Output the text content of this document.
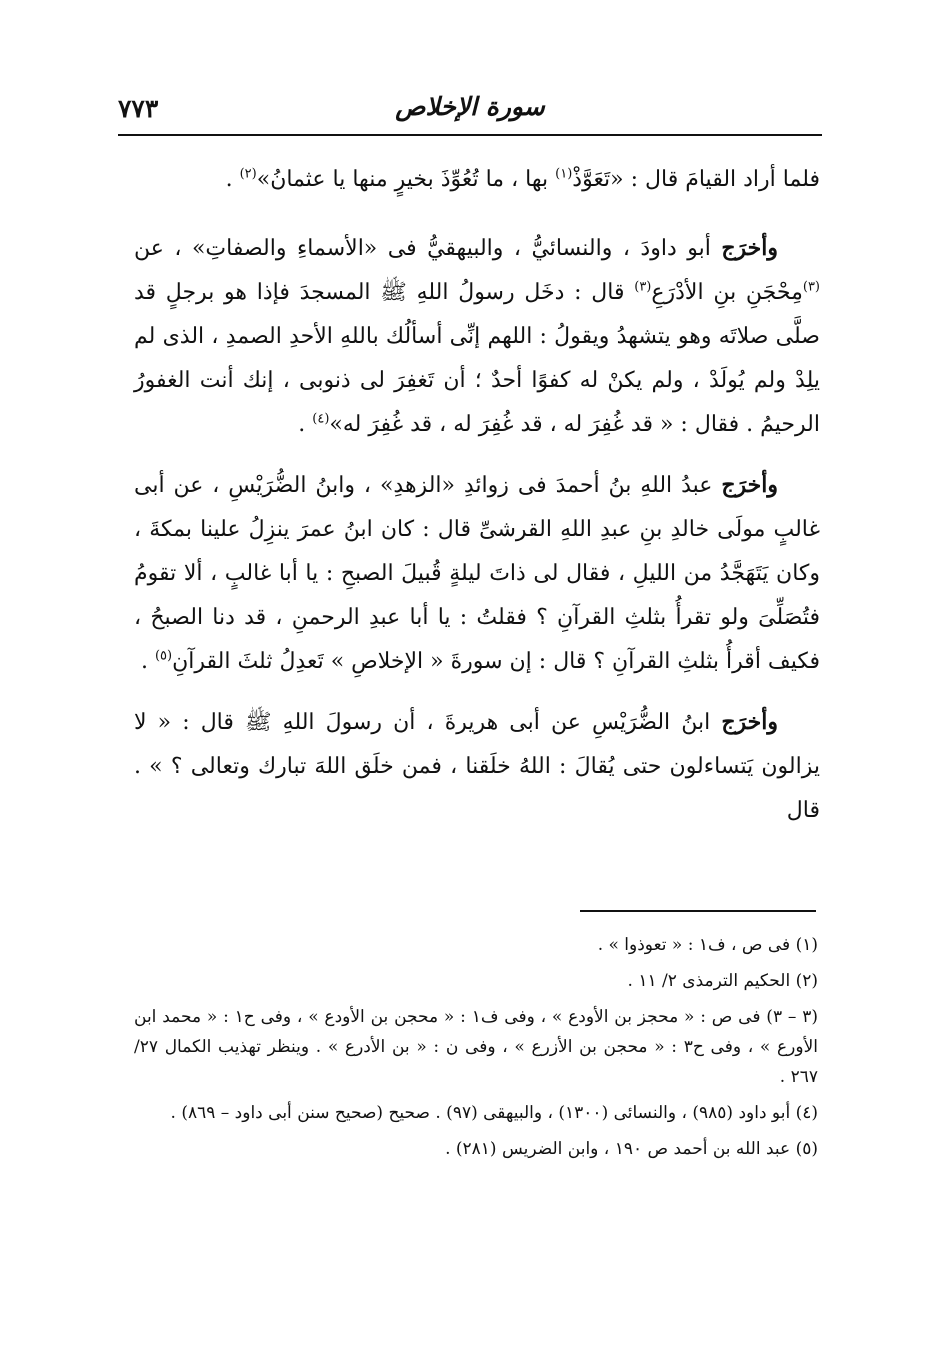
٧٧٣	سورة الإخلاص

فلما أراد القيامَ قال : «تَعَوَّذْ$^{(١)}$ بها ، ما تُعُوِّذَ بخيرٍ منها يا عثمانُ»$^{(٢)}$ .

وأخرَج أبو داودَ ، والنسائيُّ ، والبيهقيُّ فى «الأسماءِ والصفاتِ» ، عن $^{(٣)}$مِحْجَنِ بنِ الأدْرَعِ$^{(٣)}$ قال : دخَل رسولُ اللهِ ﷺ المسجدَ فإذا هو برجلٍ قد صلَّى صلاتَه وهو يتشهدُ ويقولُ : اللهم إنِّى أسألُك باللهِ الأحدِ الصمدِ ، الذى لم يلِدْ ولم يُولَدْ ، ولم يكنْ له كفوًا أحدٌ ؛ أن تَغفِرَ لى ذنوبى ، إنك أنت الغفورُ الرحيمُ . فقال : « قد غُفِرَ له ، قد غُفِرَ له ، قد غُفِرَ له»$^{(٤)}$ .

وأخرَج عبدُ اللهِ بنُ أحمدَ فى زوائدِ «الزهدِ» ، وابنُ الضُّرَيْسِ ، عن أبى غالبٍ مولَى خالدِ بنِ عبدِ اللهِ القرشىِّ قال : كان ابنُ عمرَ ينزِلُ علينا بمكةَ ، وكان يَتَهَجَّدُ من الليلِ ، فقال لى ذاتَ ليلةٍ قُبيلَ الصبحِ : يا أبا غالبٍ ، ألا تقومُ فتُصَلِّىَ ولو تقرأُ بثلثِ القرآنِ ؟ فقلتُ : يا أبا عبدِ الرحمنِ ، قد دنا الصبحُ ، فكيف أقرأُ بثلثِ القرآنِ ؟ قال : إن سورةَ « الإخلاصِ » تَعدِلُ ثلثَ القرآنِ$^{(٥)}$ .

وأخرَج ابنُ الضُّرَيْسِ عن أبى هريرةَ ، أن رسولَ اللهِ ﷺ قال : « لا يزالون يَتساءلون حتى يُقالَ : اللهُ خلَقنا ، فمن خلَق اللهَ تبارك وتعالى ؟ » . قال

(١) فى ص ، ف١ : « تعوذوا » .

(٢) الحكيم الترمذى ٢/ ١١ .

(٣ – ٣) فى ص : « محجز بن الأودع » ، وفى ف١ : « محجن بن الأودع » ، وفى ح١ : « محمد ابن الأورع » ، وفى ح٣ : « محجن بن الأزرع » ، وفى ن : « بن الأدرع » . وينظر تهذيب الكمال ٢٧/ ٢٦٧ .

(٤) أبو داود (٩٨٥) ، والنسائى (١٣٠٠) ، والبيهقى (٩٧) . صحيح (صحيح سنن أبى داود – ٨٦٩) .

(٥) عبد الله بن أحمد ص ١٩٠ ، وابن الضريس (٢٨١) .
